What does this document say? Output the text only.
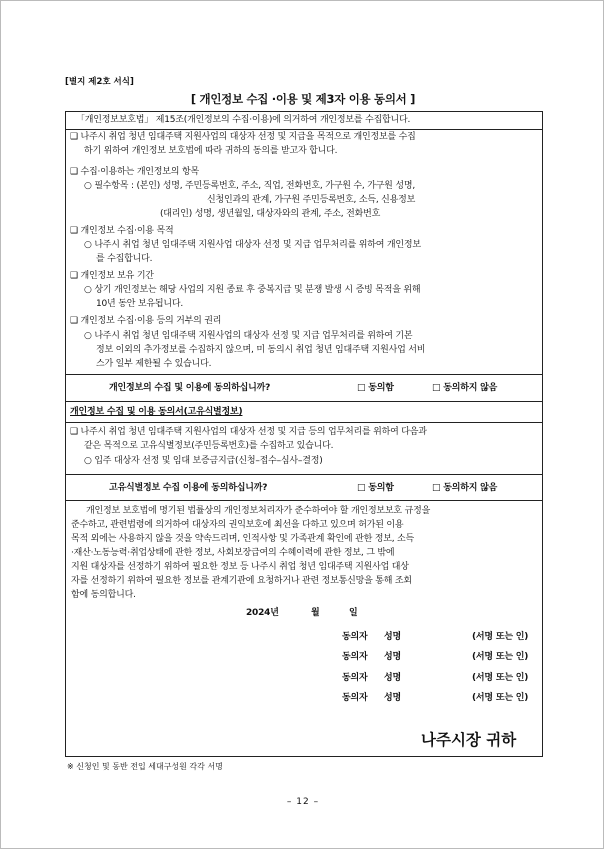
[별지 제2호 서식]
[ 개인정보 수집 ·이용 및 제3자 이용 동의서 ]
「개인정보보호법」 제15조(개인정보의 수집·이용)에 의거하여 개인정보를 수집합니다.
❑ 나주시 취업 청년 임대주택 지원사업의 대상자 선정 및 지급을 목적으로 개인정보를 수집
하기 위하여 개인정보 보호법에 따라 귀하의 동의를 받고자 합니다.
❑ 수집·이용하는 개인정보의 항목
○ 필수항목 : (본인) 성명, 주민등록번호, 주소, 직업, 전화번호, 가구원 수, 가구원 성명,
신청인과의 관계, 가구원 주민등록번호, 소득, 신용정보
(대리인) 성명, 생년월일, 대상자와의 관계, 주소, 전화번호
❑ 개인정보 수집·이용 목적
○ 나주시 취업 청년 임대주택 지원사업 대상자 선정 및 지급 업무처리를 위하여 개인정보
를 수집합니다.
❑ 개인정보 보유 기간
○ 상기 개인정보는 해당 사업의 지원 종료 후 중복지급 및 분쟁 발생 시 증빙 목적을 위해
10년 동안 보유됩니다.
❑ 개인정보 수집·이용 등의 거부의 권리
○ 나주시 취업 청년 임대주택 지원사업의 대상자 선정 및 지급 업무처리를 위하여 기본
정보 이외의 추가정보를 수집하지 않으며, 미 동의시 취업 청년 임대주택 지원사업 서비
스가 일부 제한될 수 있습니다.
개인정보의 수집 및 이용에 동의하십니까?	□ 동의함	□ 동의하지 않음
개인정보 수집 및 이용 동의서(고유식별정보)
❑ 나주시 취업 청년 임대주택 지원사업의 대상자 선정 및 지급 등의 업무처리를 위하여 다음과
같은 목적으로 고유식별정보(주민등록번호)를 수집하고 있습니다.
○ 입주 대상자 선정 및 임대 보증금지급(신청–접수–심사–결정)
고유식별정보 수집 이용에 동의하십니까?	□ 동의함	□ 동의하지 않음
개인정보 보호법에 명기된 법률상의 개인정보처리자가 준수하여야 할 개인정보보호 규정을
준수하고, 관련법령에 의거하여 대상자의 권익보호에 최선을 다하고 있으며 허가된 이용
목적 외에는 사용하지 않을 것을 약속드리며, 인적사항 및 가족관계 확인에 관한 정보, 소득
·재산·노동능력·취업상태에 관한 정보, 사회보장급여의 수혜이력에 관한 정보, 그 밖에
지원 대상자를 선정하기 위하여 필요한 정보 등 나주시 취업 청년 임대주택 지원사업 대상
자를 선정하기 위하여 필요한 정보를 관계기관에 요청하거나 관련 정보통신망을 통해 조회
함에 동의합니다.
2024년	월	일
동의자 성명	(서명 또는 인)
동의자 성명	(서명 또는 인)
동의자 성명	(서명 또는 인)
동의자 성명	(서명 또는 인)
나주시장 귀하
※ 신청인 및 동반 전입 세대구성원 각각 서명
– 12 –
